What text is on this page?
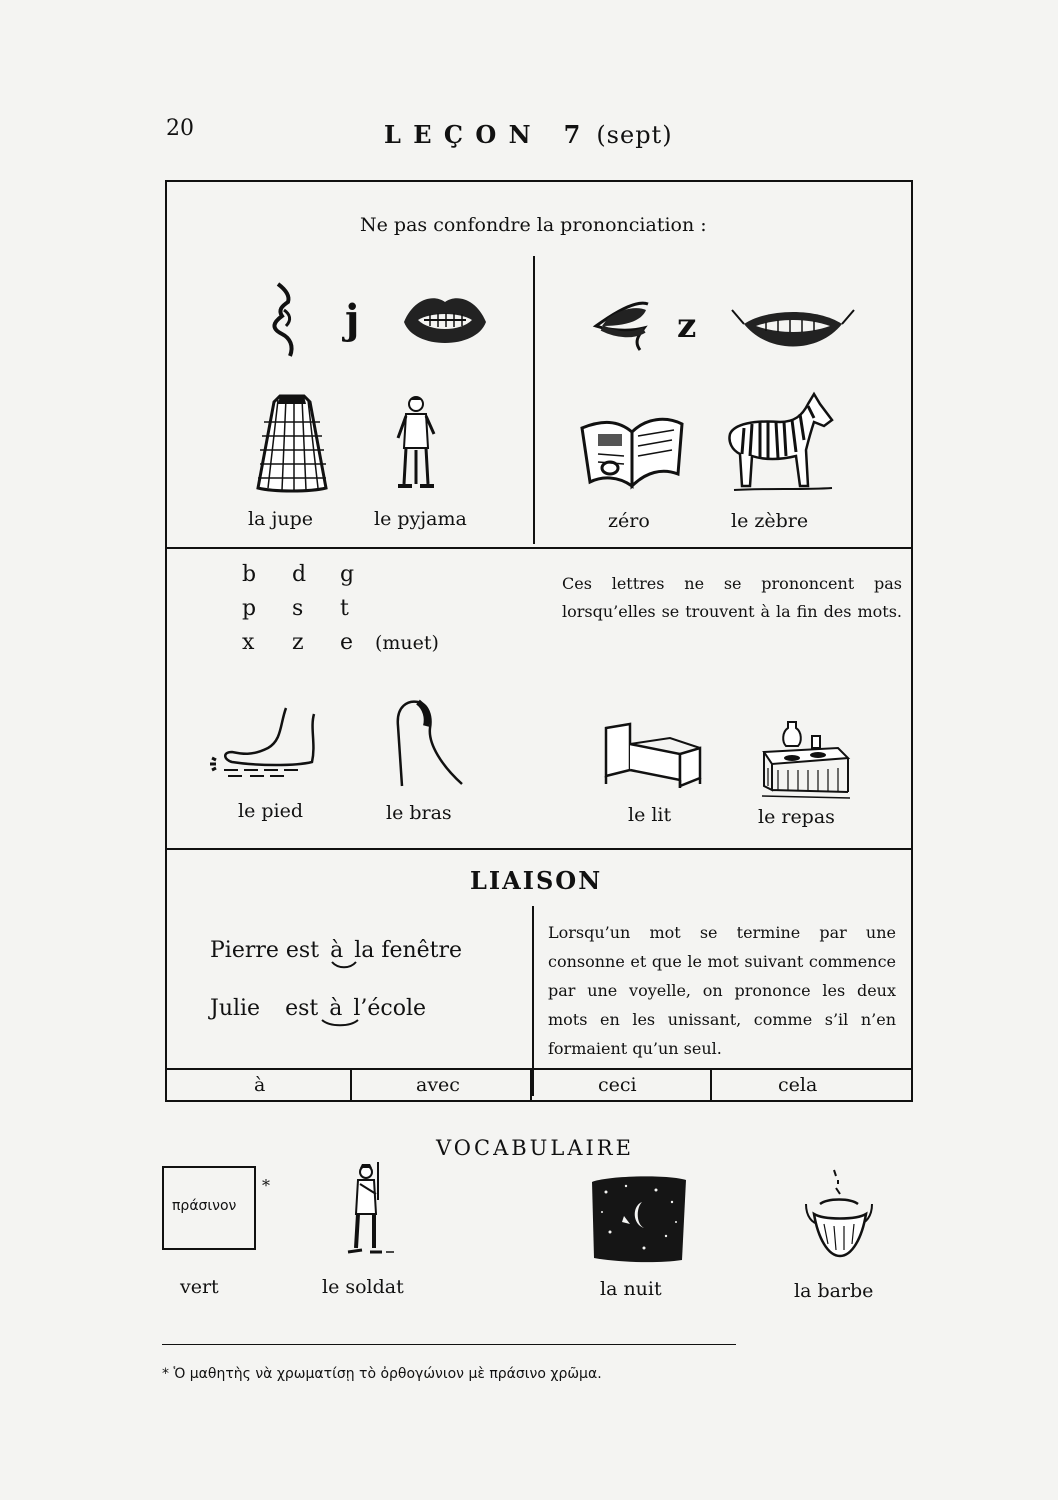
20	L E Ç O N   7 (sept)
Ne pas confondre la prononciation :
j	z
la jupe	le pyjama	zéro	le zèbre
b d g
p s t
x z e (muet)
Ces lettres ne se prononcent pas lorsqu’elles se trouvent à la fin des mots.
le pied	le bras	le lit	le repas
LIAISON
Pierre est à la fenêtre
Julie est à l’école
Lorsqu’un mot se termine par une consonne et que le mot suivant commence par une voyelle, on prononce les deux mots en les unissant, comme s’il n’en formaient qu’un seul.
à	avec	ceci	cela
VOCABULAIRE
πράσινον
*
vert	le soldat	la nuit	la barbe
* Ὁ μαθητὴς νὰ χρωματίσῃ τὸ ὀρθογώνιον μὲ πράσινο χρῶμα.
